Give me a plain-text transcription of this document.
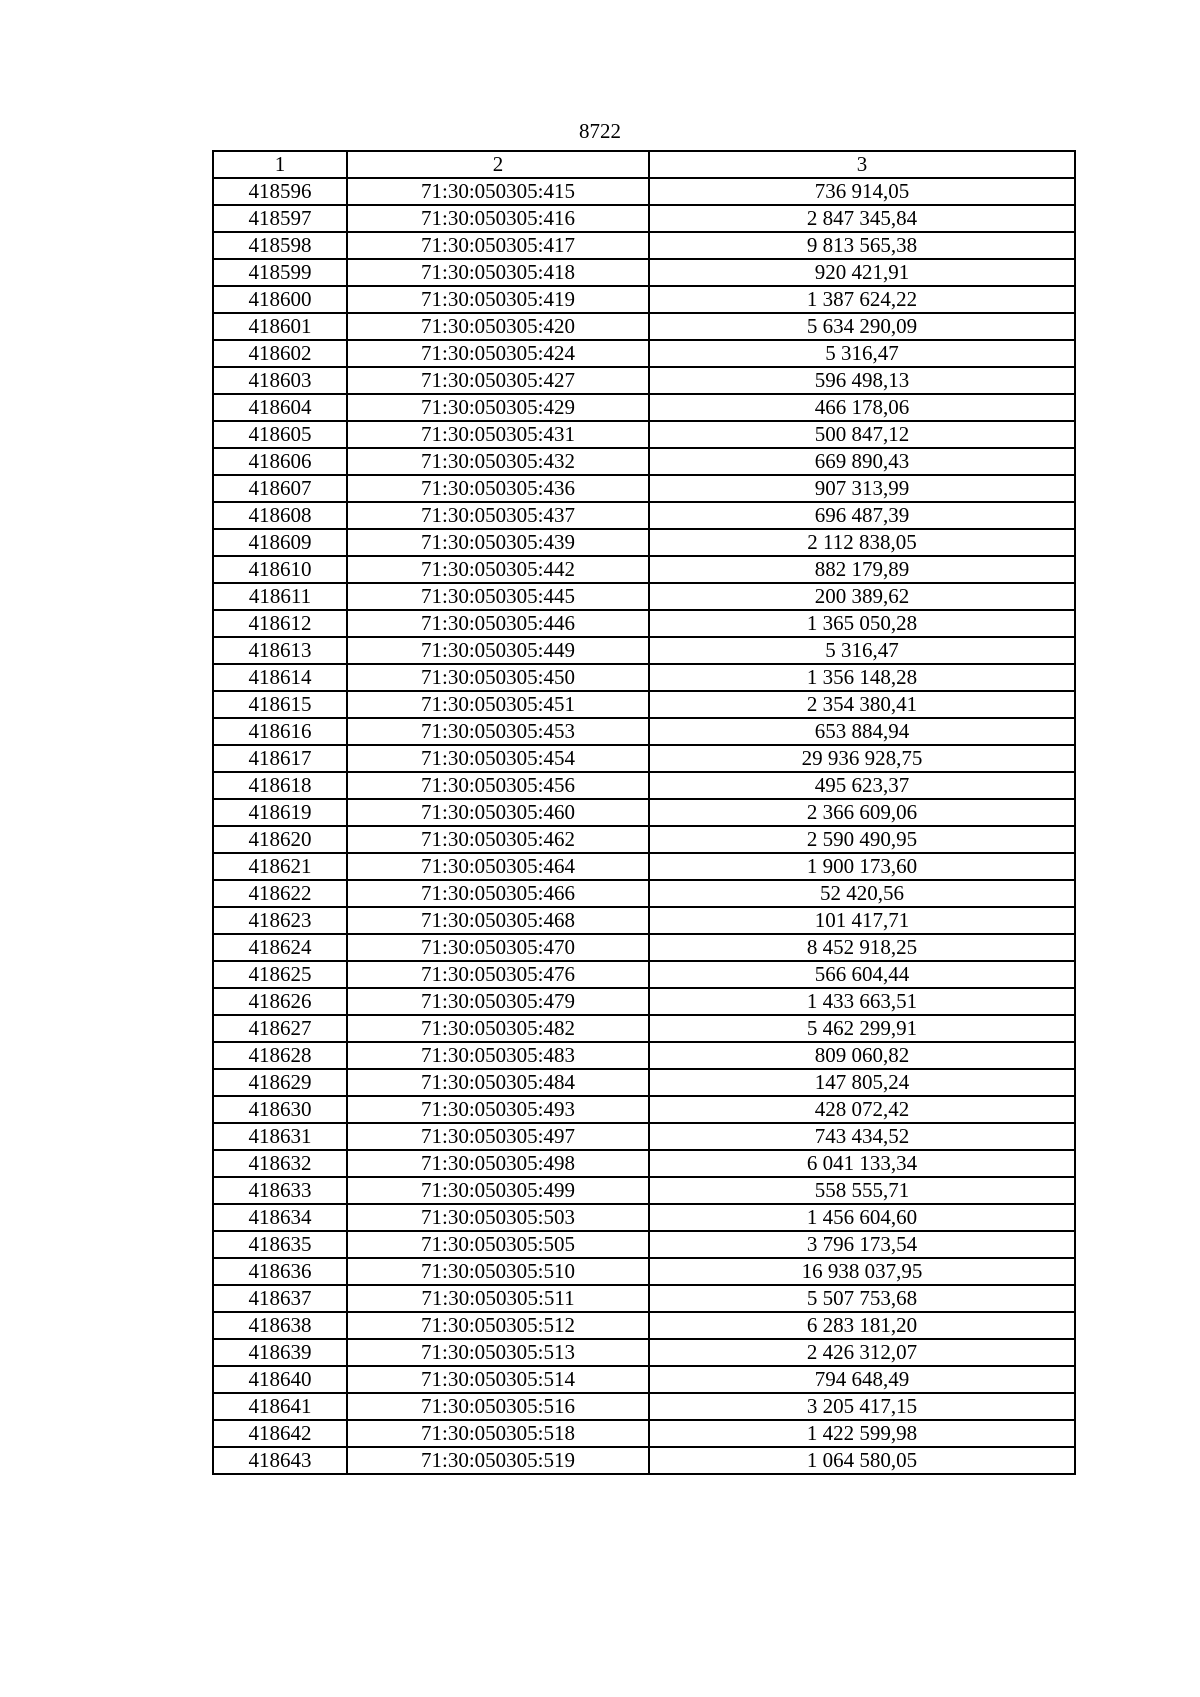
8722
1	2	3
418596	71:30:050305:415	736 914,05
418597	71:30:050305:416	2 847 345,84
418598	71:30:050305:417	9 813 565,38
418599	71:30:050305:418	920 421,91
418600	71:30:050305:419	1 387 624,22
418601	71:30:050305:420	5 634 290,09
418602	71:30:050305:424	5 316,47
418603	71:30:050305:427	596 498,13
418604	71:30:050305:429	466 178,06
418605	71:30:050305:431	500 847,12
418606	71:30:050305:432	669 890,43
418607	71:30:050305:436	907 313,99
418608	71:30:050305:437	696 487,39
418609	71:30:050305:439	2 112 838,05
418610	71:30:050305:442	882 179,89
418611	71:30:050305:445	200 389,62
418612	71:30:050305:446	1 365 050,28
418613	71:30:050305:449	5 316,47
418614	71:30:050305:450	1 356 148,28
418615	71:30:050305:451	2 354 380,41
418616	71:30:050305:453	653 884,94
418617	71:30:050305:454	29 936 928,75
418618	71:30:050305:456	495 623,37
418619	71:30:050305:460	2 366 609,06
418620	71:30:050305:462	2 590 490,95
418621	71:30:050305:464	1 900 173,60
418622	71:30:050305:466	52 420,56
418623	71:30:050305:468	101 417,71
418624	71:30:050305:470	8 452 918,25
418625	71:30:050305:476	566 604,44
418626	71:30:050305:479	1 433 663,51
418627	71:30:050305:482	5 462 299,91
418628	71:30:050305:483	809 060,82
418629	71:30:050305:484	147 805,24
418630	71:30:050305:493	428 072,42
418631	71:30:050305:497	743 434,52
418632	71:30:050305:498	6 041 133,34
418633	71:30:050305:499	558 555,71
418634	71:30:050305:503	1 456 604,60
418635	71:30:050305:505	3 796 173,54
418636	71:30:050305:510	16 938 037,95
418637	71:30:050305:511	5 507 753,68
418638	71:30:050305:512	6 283 181,20
418639	71:30:050305:513	2 426 312,07
418640	71:30:050305:514	794 648,49
418641	71:30:050305:516	3 205 417,15
418642	71:30:050305:518	1 422 599,98
418643	71:30:050305:519	1 064 580,05
